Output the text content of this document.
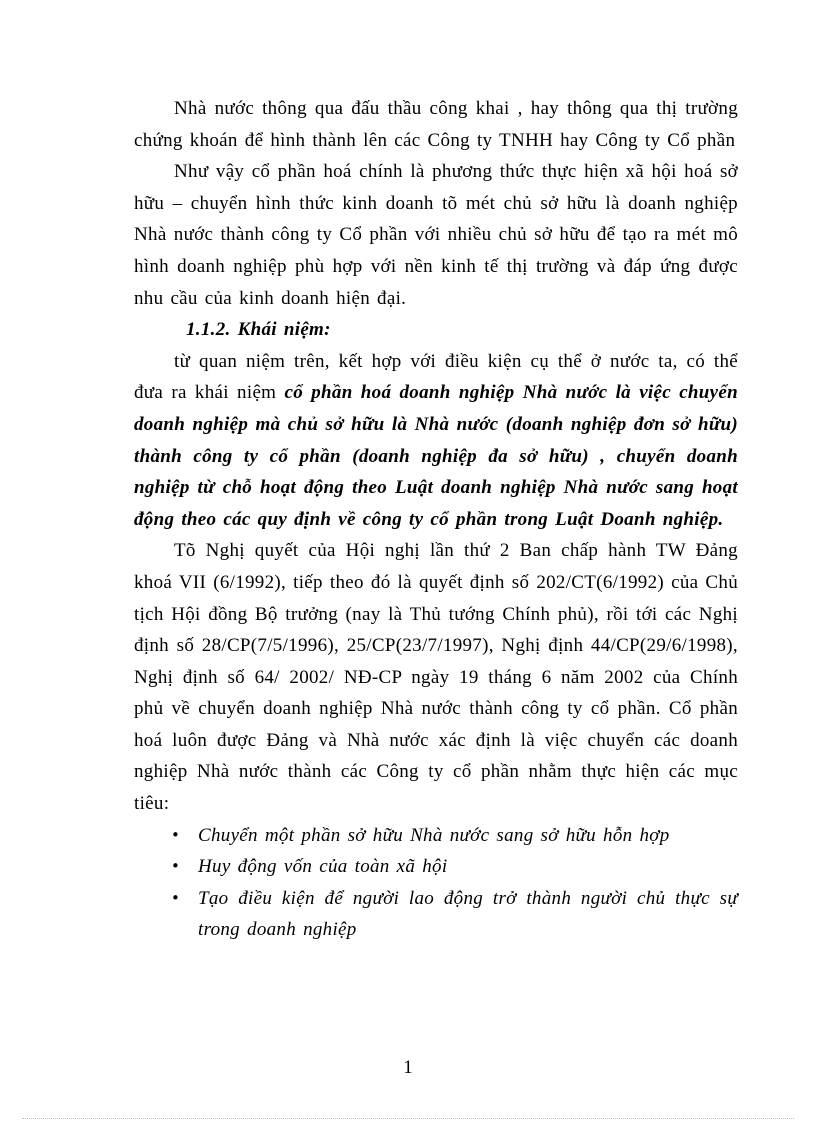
Nhà nước thông qua đấu thầu công khai , hay thông qua thị trường chứng khoán để hình thành lên các Công ty TNHH hay Công ty Cổ phần

Như vậy cổ phần hoá chính là phương thức thực hiện xã hội hoá sở hữu – chuyển hình thức kinh doanh tõ mét chủ sở hữu là doanh nghiệp Nhà nước thành công ty Cổ phần với nhiều chủ sở hữu để tạo ra mét mô hình doanh nghiệp phù hợp với nền kinh tế thị trường và đáp ứng được nhu cầu của kinh doanh hiện đại.

1.1.2. Khái niệm:

từ quan niệm trên, kết hợp với điều kiện cụ thể ở nước ta, có thể đưa ra khái niệm cổ phần hoá doanh nghiệp Nhà nước là việc chuyển doanh nghiệp mà chủ sở hữu là Nhà nước (doanh nghiệp đơn sở hữu) thành công ty cổ phần (doanh nghiệp đa sở hữu) , chuyển doanh nghiệp từ chỗ hoạt động theo Luật doanh nghiệp Nhà nước sang hoạt động theo các quy định về công ty cổ phần trong Luật Doanh nghiệp.

Tõ Nghị quyết của Hội nghị lần thứ 2 Ban chấp hành TW Đảng khoá VII (6/1992), tiếp theo đó là quyết định số 202/CT(6/1992) của Chủ tịch Hội đồng Bộ trưởng (nay là Thủ tướng Chính phủ), rồi tới các Nghị định số 28/CP(7/5/1996), 25/CP(23/7/1997), Nghị định 44/CP(29/6/1998), Nghị định số 64/ 2002/ NĐ-CP ngày 19 tháng 6 năm 2002 của Chính phủ về chuyển doanh nghiệp Nhà nước thành công ty cổ phần. Cổ phần hoá luôn được Đảng và Nhà nước xác định là việc chuyển các doanh nghiệp Nhà nước thành các Công ty cổ phần nhằm thực hiện các mục tiêu:

• Chuyển một phần sở hữu Nhà nước sang sở hữu hỗn hợp
• Huy động vốn của toàn xã hội
• Tạo điều kiện để người lao động trở thành người chủ thực sự trong doanh nghiệp
1
